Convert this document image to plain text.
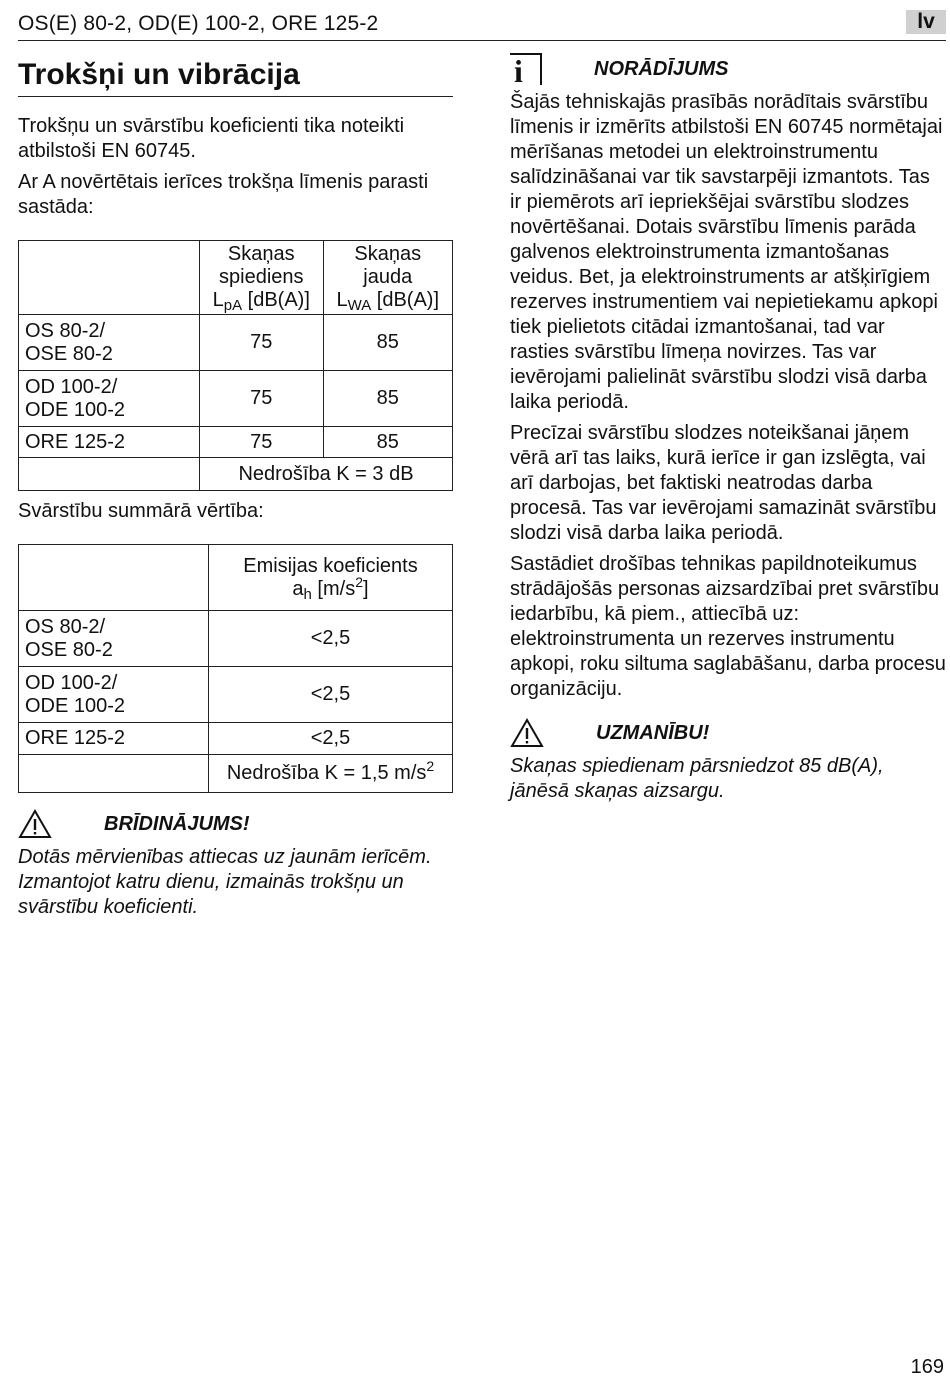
OS(E) 80-2, OD(E) 100-2, ORE 125-2	lv
Trokšņi un vibrācija

Trokšņu un svārstību koeficienti tika noteikti atbilstoši EN 60745.

Ar A novērtētais ierīces trokšņa līmenis parasti sastāda:

	Skaņas
spiediens
$L_{pA}$ [dB(A)]	Skaņas
jauda
$L_{WA}$ [dB(A)]
OS 80-2/
OSE 80-2	75	85
OD 100-2/
ODE 100-2	75	85
ORE 125-2	75	85
	Nedrošība K = 3 dB	

Svārstību summārā vērtība:

	Emisijas koeficients
$a_h$ $[m/s^2]$
OS 80-2/
OSE 80-2	<2,5
OD 100-2/
ODE 100-2	<2,5
ORE 125-2	<2,5
	Nedrošība K = 1,5 $m/s^2$
BRĪDINĀJUMS!

Dotās mērvienības attiecas uz jaunām ierīcēm. Izmantojot katru dienu, izmainās trokšņu un svārstību koeficienti.

i	NORĀDĪJUMS

Šajās tehniskajās prasībās norādītais svārstību līmenis ir izmērīts atbilstoši EN 60745 normētajai mērīšanas metodei un elektroinstrumentu salīdzināšanai var tik savstarpēji izmantots. Tas ir piemērots arī iepriekšējai svārstību slodzes novērtēšanai. Dotais svārstību līmenis parāda galvenos elektroinstrumenta izmantošanas veidus. Bet, ja elektroinstruments ar atšķirīgiem rezerves instrumentiem vai nepietiekamu apkopi tiek pielietots citādai izmantošanai, tad var rasties svārstību līmeņa novirzes. Tas var ievērojami palielināt svārstību slodzi visā darba laika periodā.

Precīzai svārstību slodzes noteikšanai jāņem vērā arī tas laiks, kurā ierīce ir gan izslēgta, vai arī darbojas, bet faktiski neatrodas darba procesā. Tas var ievērojami samazināt svārstību slodzi visā darba laika periodā.

Sastādiet drošības tehnikas papildnoteikumus strādājošās personas aizsardzībai pret svārstību iedarbību, kā piem., attiecībā uz: elektroinstrumenta un rezerves instrumentu apkopi, roku siltuma saglabāšanu, darba procesu organizāciju.

UZMANĪBU!

Skaņas spiedienam pārsniedzot 85 dB(A), jānēsā skaņas aizsargu.

169
